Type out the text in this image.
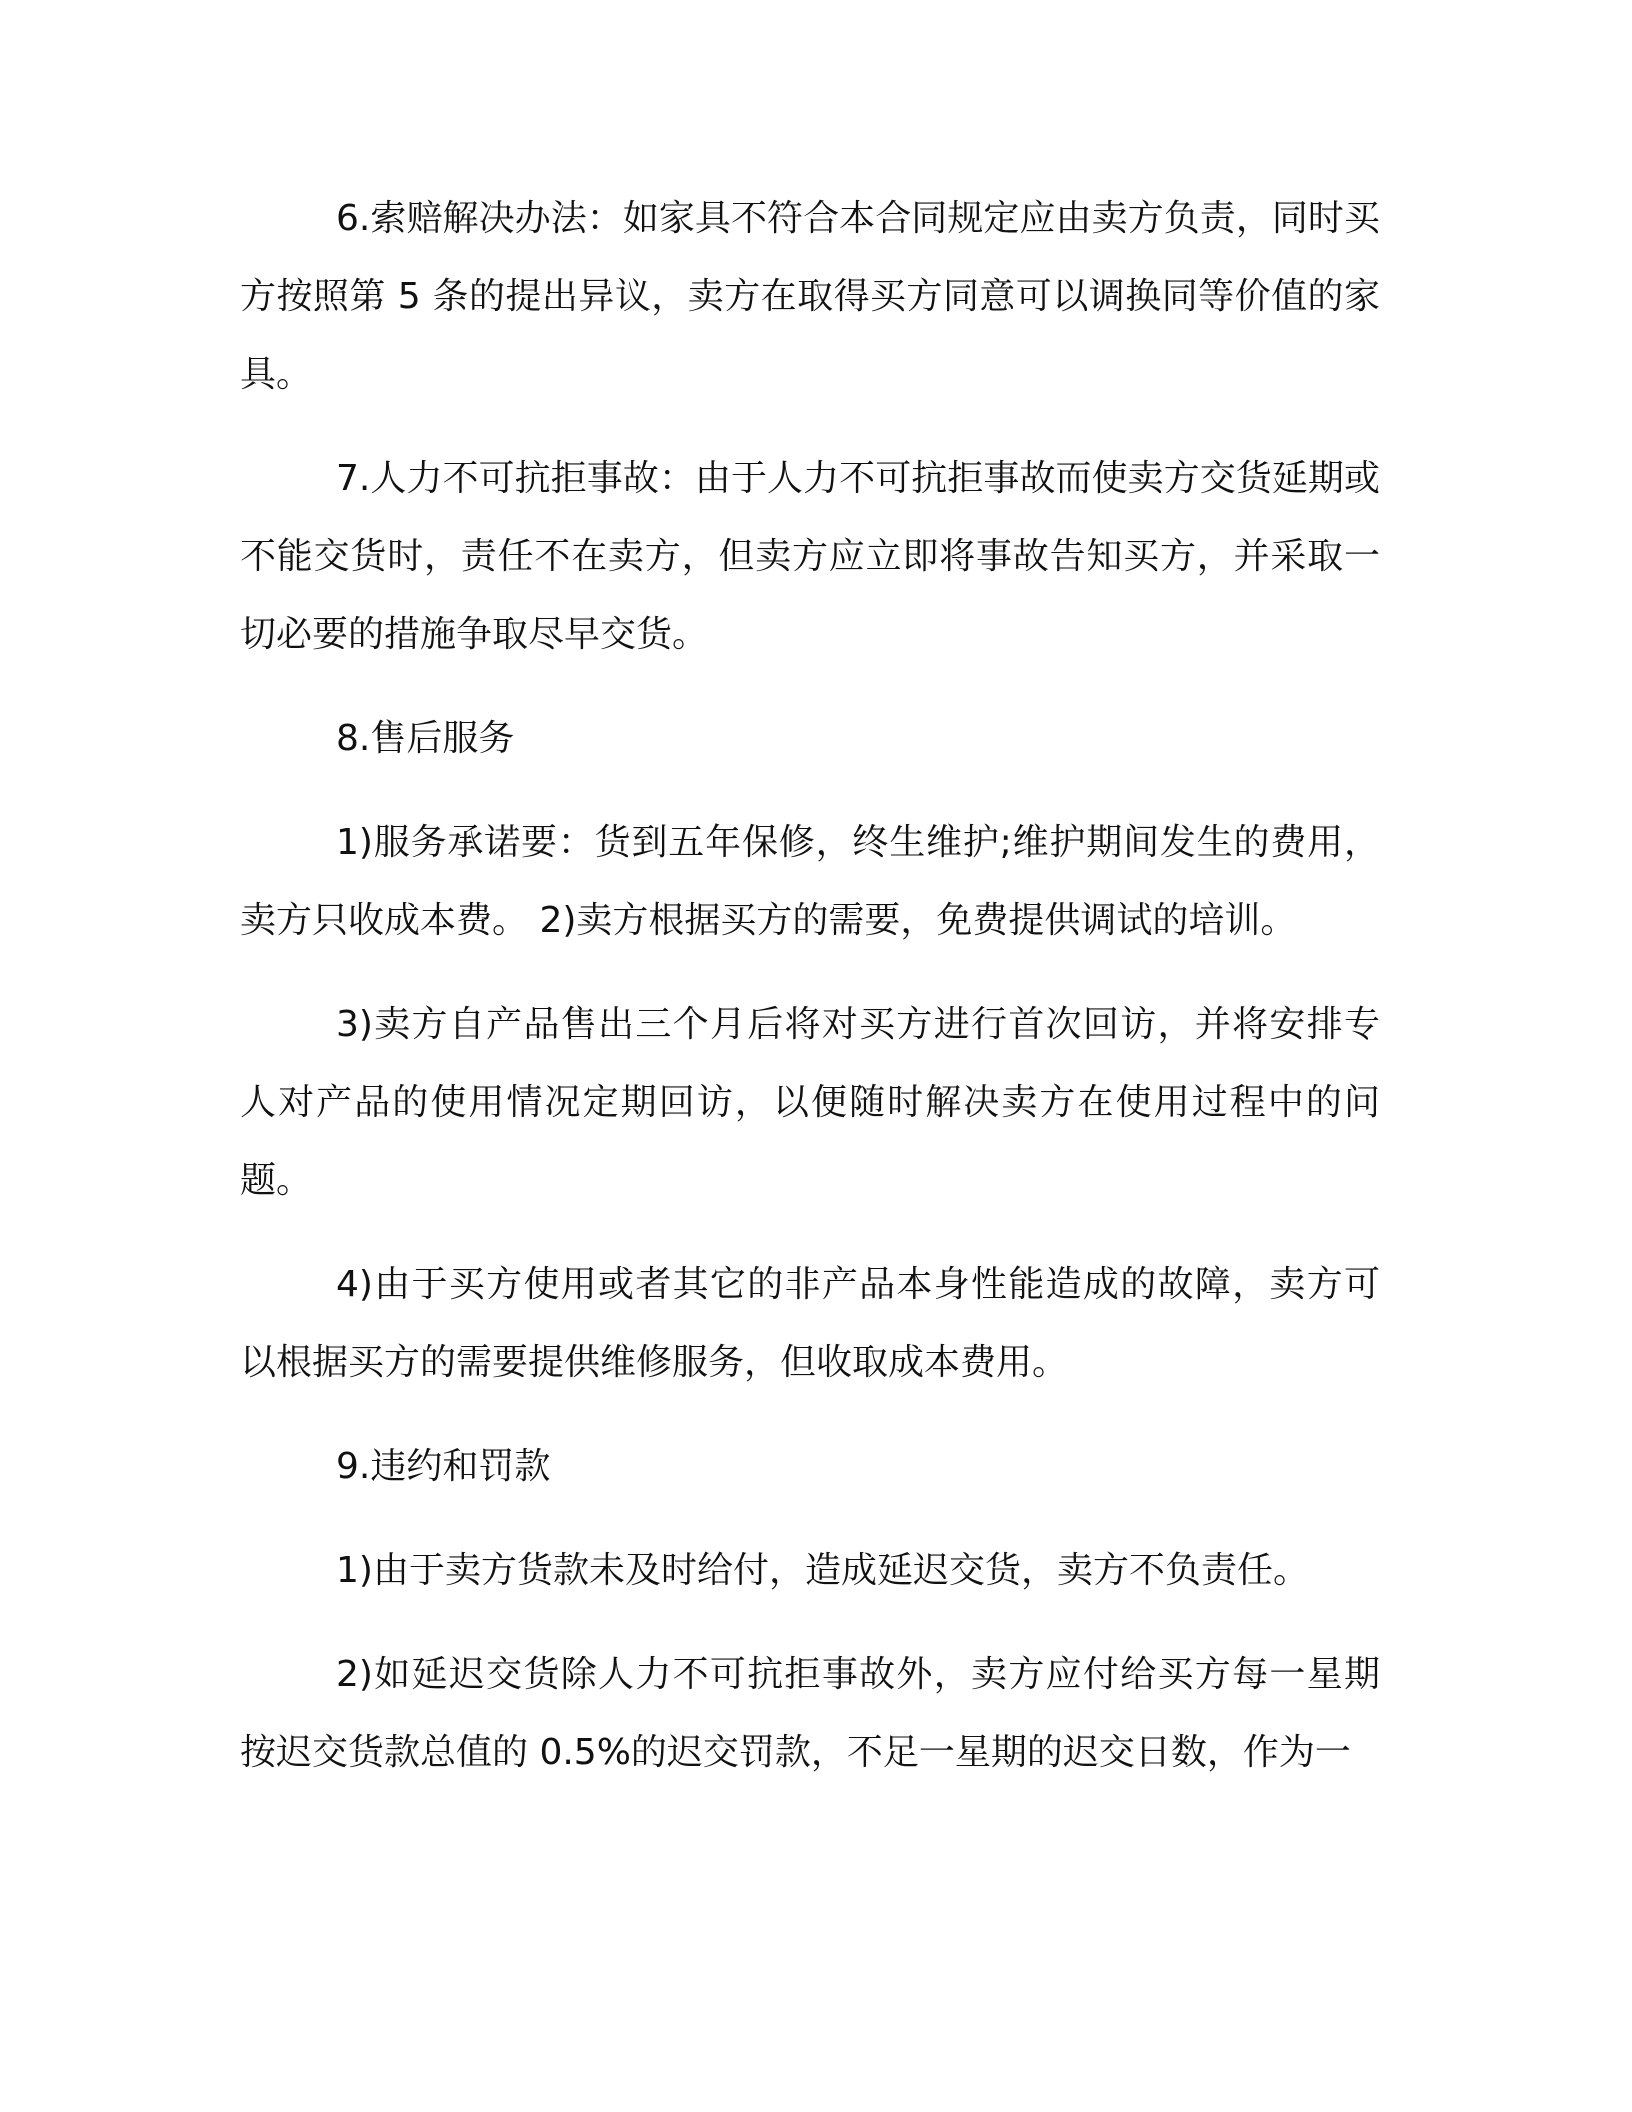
6.索赔解决办法：如家具不符合本合同规定应由卖方负责，同时买方按照第 5 条的提出异议，卖方在取得买方同意可以调换同等价值的家具。

7.人力不可抗拒事故：由于人力不可抗拒事故而使卖方交货延期或不能交货时，责任不在卖方，但卖方应立即将事故告知买方，并采取一切必要的措施争取尽早交货。

8.售后服务

1)服务承诺要：货到五年保修，终生维护;维护期间发生的费用，卖方只收成本费。 2)卖方根据买方的需要，免费提供调试的培训。

3)卖方自产品售出三个月后将对买方进行首次回访，并将安排专人对产品的使用情况定期回访，以便随时解决卖方在使用过程中的问题。

4)由于买方使用或者其它的非产品本身性能造成的故障，卖方可以根据买方的需要提供维修服务，但收取成本费用。

9.违约和罚款

1)由于卖方货款未及时给付，造成延迟交货，卖方不负责任。

2)如延迟交货除人力不可抗拒事故外，卖方应付给买方每一星期按迟交货款总值的 0.5%的迟交罚款，不足一星期的迟交日数，作为一
